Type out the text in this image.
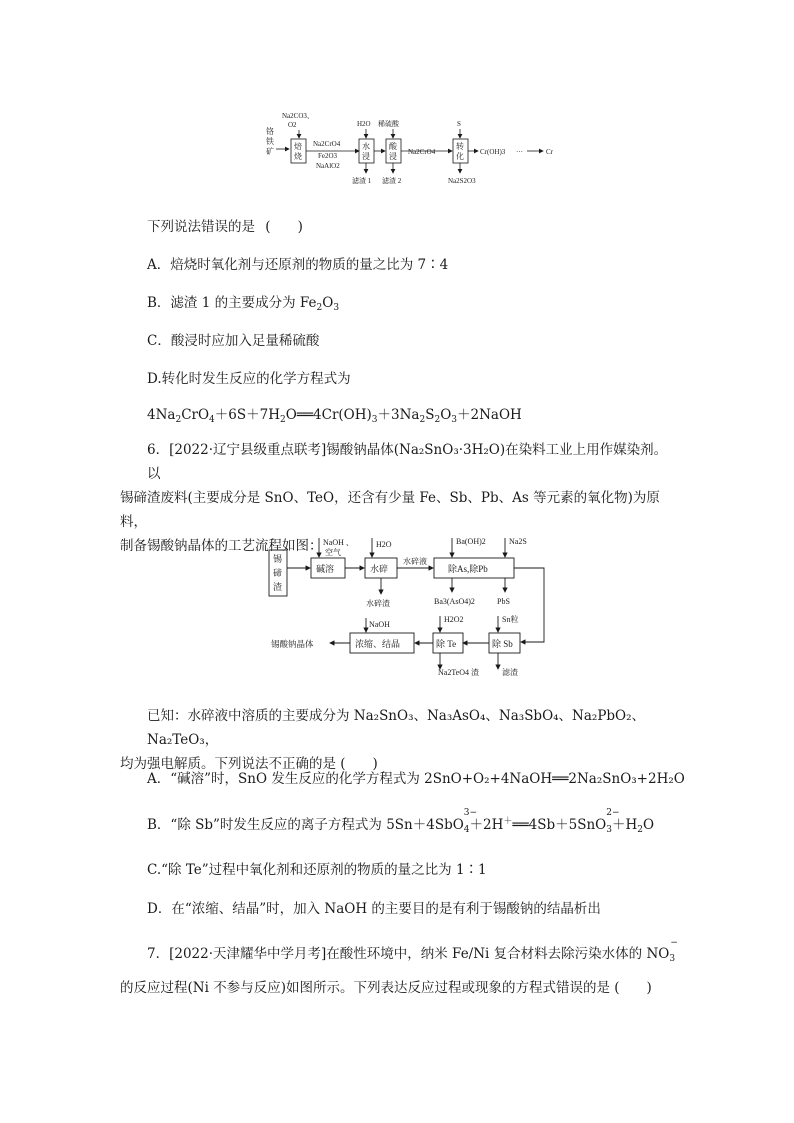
铬铁矿
Na2CO3、
O2
焙烧
Na2CrO4
Fe2O3
NaAlO2
H2O
水浸
滤渣 1
稀硫酸
酸浸
滤渣 2
Na2CrO4
S
转化
Na2S2O3
Cr(OH)3 ···	Cr
下列说法错误的是 (　　)
A．焙烧时氧化剂与还原剂的物质的量之比为 7∶4
B．滤渣 1 的主要成分为 $Fe_2O_3$
C．酸浸时应加入足量稀硫酸
D.转化时发生反应的化学方程式为
$4Na_2CrO_4+6S+7H_2O══4Cr(OH)_3+3Na_2S_2O_3+2NaOH$
6．[2022·辽宁县级重点联考]锡酸钠晶体(Na₂SnO₃·3H₂O)在染料工业上用作媒染剂。以
锡碲渣废料(主要成分是 SnO、TeO，还含有少量 Fe、Sb、Pb、As 等元素的氧化物)为原料，
制备锡酸钠晶体的工艺流程如图：
锡碲渣
NaOH 、
空气
碱溶
H2O
水碎
水碎渣
水碎液
Ba(OH)2	Na2S
除As,除Pb
Ba3(AsO4)2	PbS
Sn粒
除 Sb
滤渣
H2O2
除 Te
Na2TeO4 渣
NaOH
浓缩、结晶
锡酸钠晶体
已知：水碎液中溶质的主要成分为 Na₂SnO₃、Na₃AsO₄、Na₃SbO₄、Na₂PbO₂、Na₂TeO₃，
均为强电解质。下列说法不正确的是 (　　)
A．“碱溶”时，SnO 发生反应的化学方程式为 2SnO+O₂+4NaOH══2Na₂SnO₃+2H₂O
B．“除 Sb”时发生反应的离子方程式为 5Sn＋4SbO
3−
$_4$＋2H＋══4Sb＋5SnO
2−
$_3+H_2O$
C.“除 Te”过程中氧化剂和还原剂的物质的量之比为 1∶1
D．在“浓缩、结晶”时，加入 NaOH 的主要目的是有利于锡酸钠的结晶析出
7．[2022·天津耀华中学月考]在酸性环境中，纳米 Fe/Ni 复合材料去除污染水体的 NO
−
$_3$
的反应过程(Ni 不参与反应)如图所示。下列表达反应过程或现象的方程式错误的是 (　　)
